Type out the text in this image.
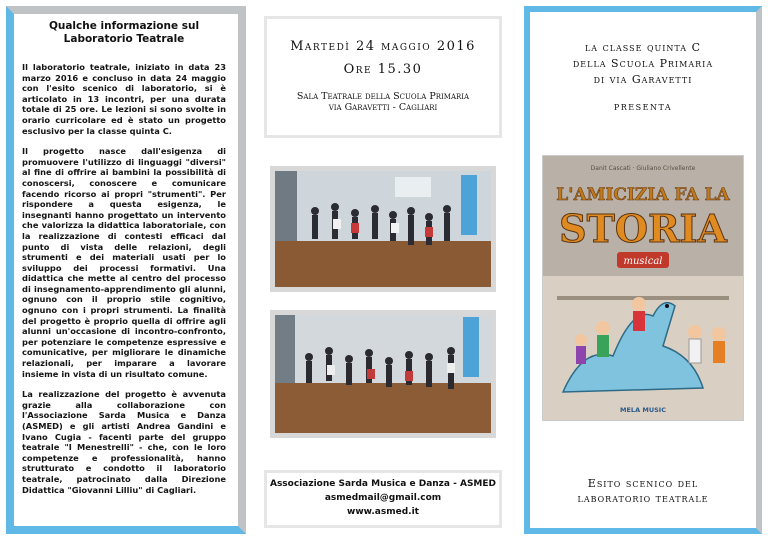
Qualche informazione sul
Laboratorio Teatrale

Il laboratorio teatrale, iniziato in data 23 marzo 2016 e concluso in data 24 maggio con l'esito scenico di laboratorio, si è articolato in 13 incontri, per una durata totale di 25 ore. Le lezioni si sono svolte in orario curricolare ed è stato un progetto esclusivo per la classe quinta C.

Il progetto nasce dall'esigenza di promuovere l'utilizzo di linguaggi "diversi" al fine di offrire ai bambini la possibilità di conoscersi, conoscere e comunicare facendo ricorso ai propri "strumenti". Per rispondere a questa esigenza, le insegnanti hanno progettato un intervento che valorizza la didattica laboratoriale, con la realizzazione di contesti efficaci dal punto di vista delle relazioni, degli strumenti e dei materiali usati per lo sviluppo dei processi formativi. Una didattica che mette al centro del processo di insegnamento-apprendimento gli alunni, ognuno con il proprio stile cognitivo, ognuno con i propri strumenti. La finalità del progetto è proprio quella di offrire agli alunni un'occasione di incontro-confronto, per potenziare le competenze espressive e comunicative, per migliorare le dinamiche relazionali, per imparare a lavorare insieme in vista di un risultato comune.

La realizzazione del progetto è avvenuta grazie alla collaborazione con l'Associazione Sarda Musica e Danza (ASMED) e gli artisti Andrea Gandini e Ivano Cugia - facenti parte del gruppo teatrale "I Menestrelli" - che, con le loro competenze e professionalità, hanno strutturato e condotto il laboratorio teatrale, patrocinato dalla Direzione Didattica "Giovanni Lilliu" di Cagliari.

Martedì 24 maggio 2016
Ore 15.30
Sala Teatrale della Scuola Primaria
via Garavetti - Cagliari
Associazione Sarda Musica e Danza - ASMED
asmedmail@gmail.com
www.asmed.it
la classe quinta C
della Scuola Primaria
di via Garavetti
presenta
Danit Cascati · Giuliano Crivellente
L'AMICIZIA FA LA
STORIA
musical
MELA MUSIC
Esito scenico del
laboratorio teatrale
